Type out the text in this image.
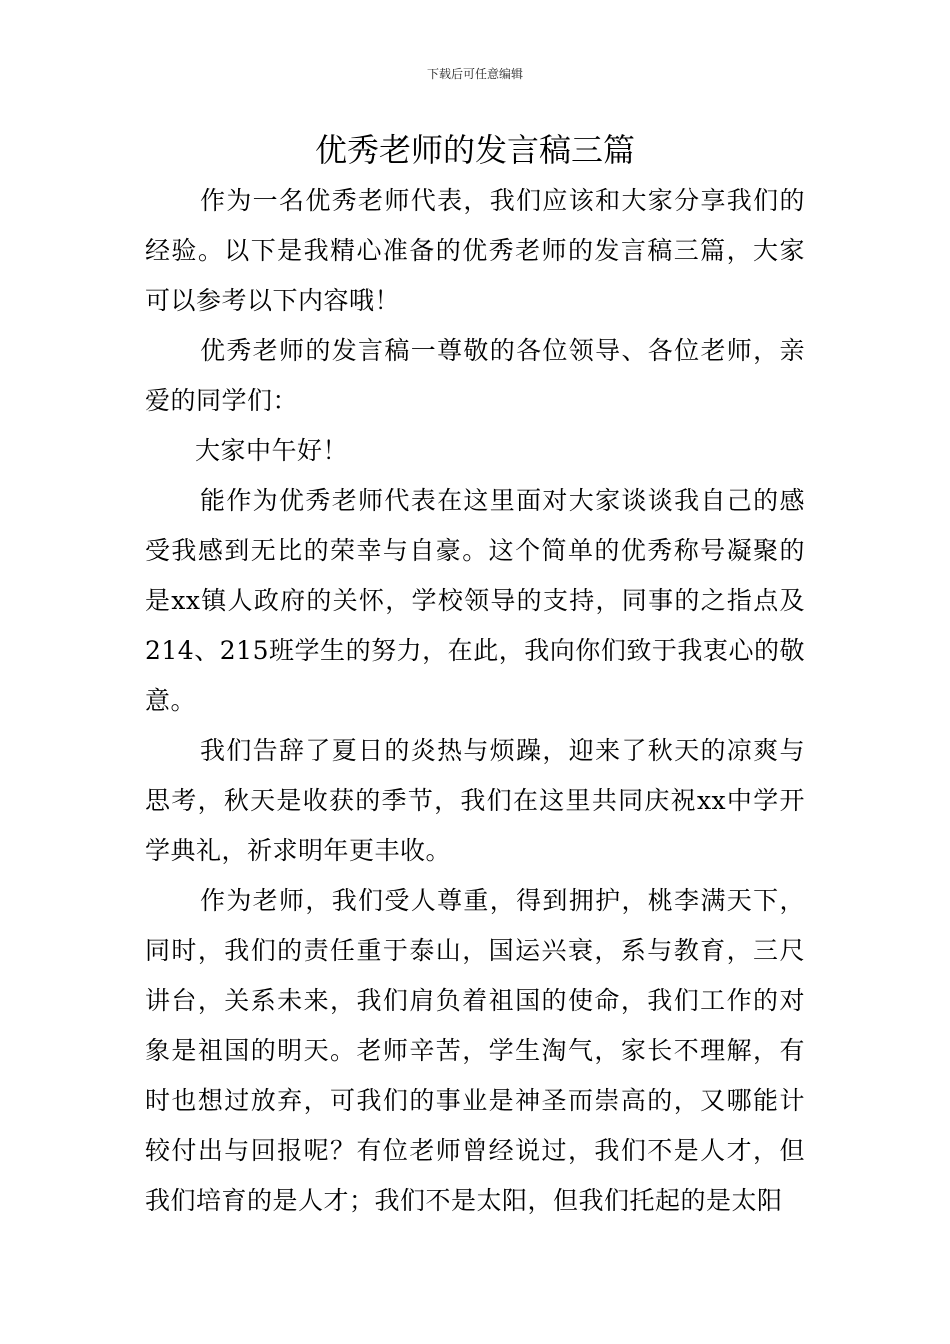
下载后可任意编辑
优秀老师的发言稿三篇

作为一名优秀老师代表，我们应该和大家分享我们的经验。以下是我精心准备的优秀老师的发言稿三篇，大家可以参考以下内容哦！

优秀老师的发言稿一尊敬的各位领导、各位老师，亲爱的同学们：

大家中午好！

能作为优秀老师代表在这里面对大家谈谈我自己的感受我感到无比的荣幸与自豪。这个简单的优秀称号凝聚的是xx镇人政府的关怀，学校领导的支持，同事的之指点及214、215班学生的努力，在此，我向你们致于我衷心的敬意。

我们告辞了夏日的炎热与烦躁，迎来了秋天的凉爽与思考，秋天是收获的季节，我们在这里共同庆祝xx中学开学典礼，祈求明年更丰收。

作为老师，我们受人尊重，得到拥护，桃李满天下，同时，我们的责任重于泰山，国运兴衰，系与教育，三尺讲台，关系未来，我们肩负着祖国的使命，我们工作的对象是祖国的明天。老师辛苦，学生淘气，家长不理解，有时也想过放弃，可我们的事业是神圣而崇高的，又哪能计较付出与回报呢？有位老师曾经说过，我们不是人才，但我们培育的是人才；我们不是太阳，但我们托起的是太阳
